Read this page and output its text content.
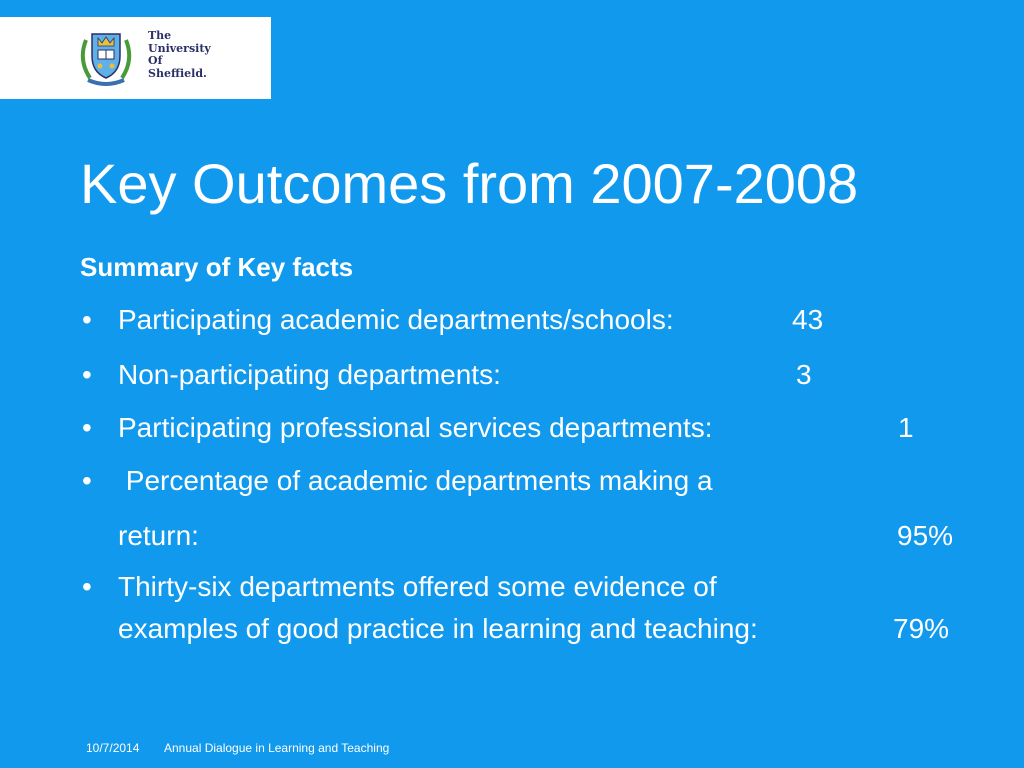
The
University
Of
Sheffield.
Key Outcomes from 2007-2008
Summary of Key facts
• Participating academic departments/schools:	43
• Non-participating departments:	3
• Participating professional services departments:	1
• Percentage of academic departments making a
return:	95%
• Thirty-six departments offered some evidence of
examples of good practice in learning and teaching:	79%
10/7/2014 Annual Dialogue in Learning and Teaching
